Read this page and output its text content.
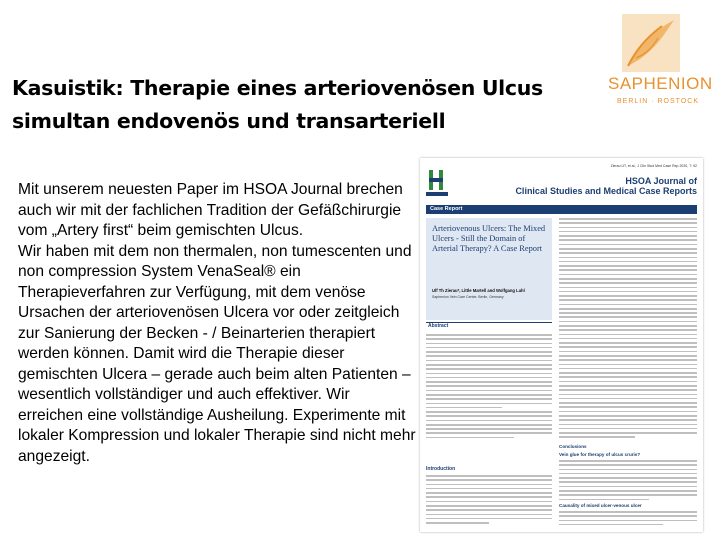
Kasuistik: Therapie eines arteriovenösen Ulcus
simultan endovenös und transarteriell
SAPHENION
BERLIN · ROSTOCK

Mit unserem neuesten Paper im HSOA Journal brechen auch wir mit der fachlichen Tradition der Gefäßchirurgie vom „Artery first“ beim gemischten Ulcus.

Wir haben mit dem non thermalen, non tumescenten und non compression System VenaSeal® ein Therapieverfahren zur Verfügung, mit dem venöse Ursachen der arteriovenösen Ulcera vor oder zeitgleich zur Sanierung der Becken - / Beinarterien therapiert werden können. Damit wird die Therapie dieser gemischten Ulcera – gerade auch beim alten Patienten – wesentlich vollständiger und auch effektiver. Wir erreichen eine vollständige Ausheilung. Experimente mit lokaler Kompression und lokaler Therapie sind nicht mehr angezeigt.

Zierau UT, et al., J Clin Stud Med Case Rep 2020, 7: 92
HSOA Journal of
Clinical Studies and Medical Case Reports
Case Report
Arteriovenous Ulcers: The Mixed Ulcers - Still the Domain of Arterial Therapy? A Case Report
Ulf Th Zierau*, Little Martell and Wolfgang Lahl
Saphenion Vein Care Center, Berlin, Germany
Abstract
Introduction
Conclusions
Vein glue for therapy of ulcus cruris?
Causality of mixed ulcer-venous ulcer
